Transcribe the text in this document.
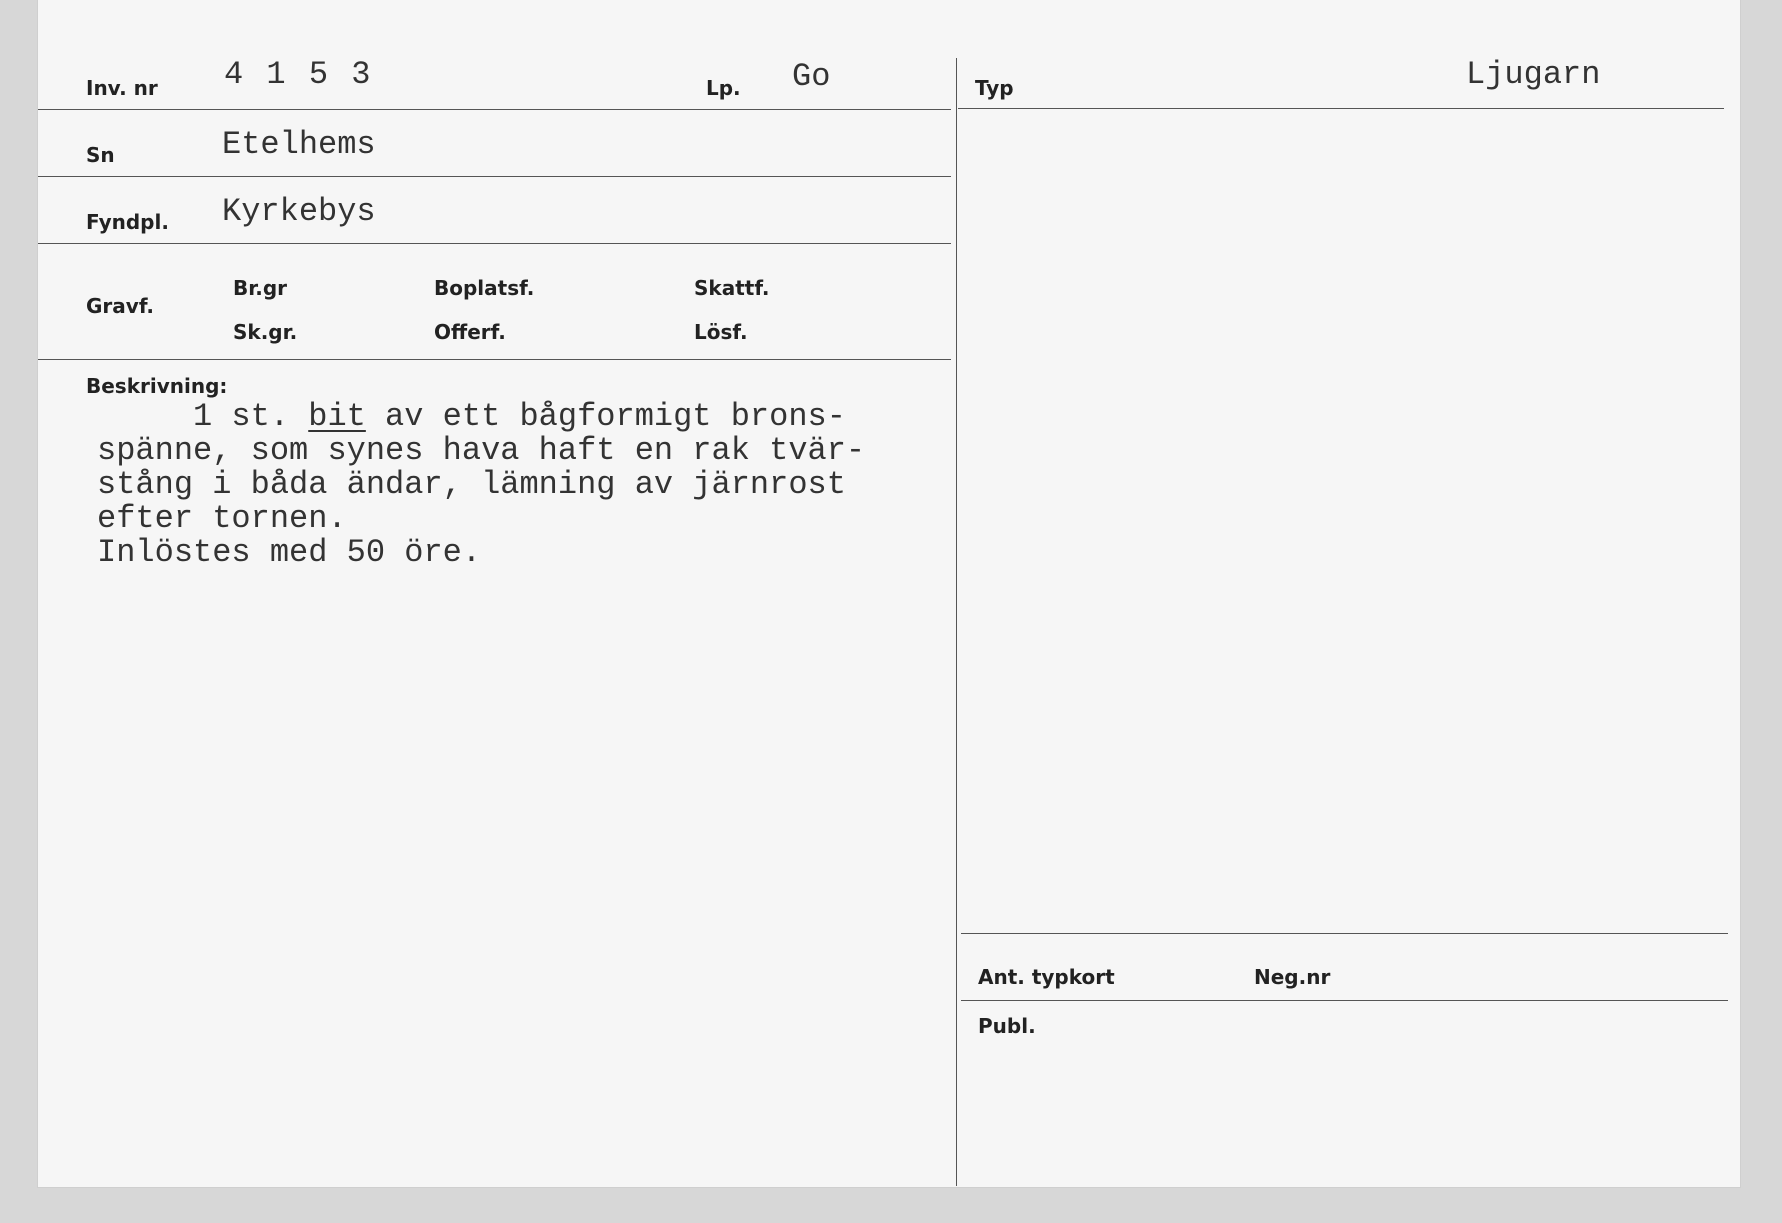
Inv. nr 4 1 5 3	Lp. Go	Typ	Ljugarn
Sn	Etelhems
Fyndpl. Kyrkebys
Gravf.
Br.gr	Boplatsf.	Skattf.
Sk.gr.	Offerf.	Lösf.
Beskrivning:
1 st. bit av ett bågformigt brons-
spänne, som synes hava haft en rak tvär-
stång i båda ändar, lämning av järnrost
efter tornen.
Inlöstes med 50 öre.
Ant. typkort	Neg.nr
Publ.
